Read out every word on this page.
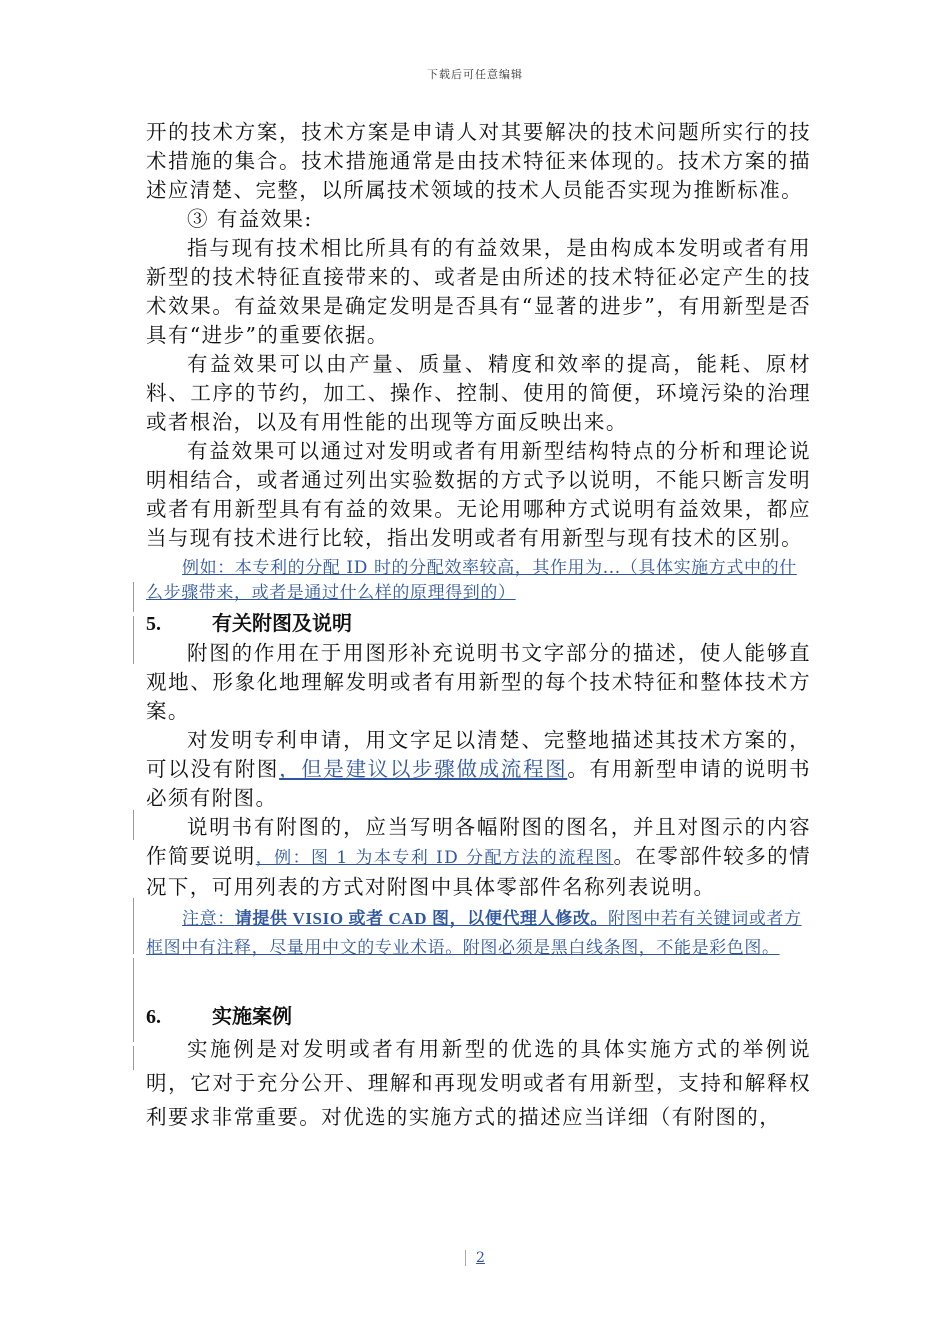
下载后可任意编辑

开的技术方案，技术方案是申请人对其要解决的技术问题所实行的技术措施的集合。技术措施通常是由技术特征来体现的。技术方案的描述应清楚、完整，以所属技术领域的技术人员能否实现为推断标准。

③ 有益效果:

指与现有技术相比所具有的有益效果，是由构成本发明或者有用新型的技术特征直接带来的、或者是由所述的技术特征必定产生的技术效果。有益效果是确定发明是否具有“显著的进步”，有用新型是否具有“进步”的重要依据。

有益效果可以由产量、质量、精度和效率的提高，能耗、原材料、工序的节约，加工、操作、控制、使用的简便，环境污染的治理或者根治，以及有用性能的出现等方面反映出来。

有益效果可以通过对发明或者有用新型结构特点的分析和理论说明相结合，或者通过列出实验数据的方式予以说明，不能只断言发明或者有用新型具有有益的效果。无论用哪种方式说明有益效果，都应当与现有技术进行比较，指出发明或者有用新型与现有技术的区别。

例如：本专利的分配 ID 时的分配效率较高，其作用为...（具体实施方式中的什么步骤带来，或者是通过什么样的原理得到的）

5.	有关附图及说明

附图的作用在于用图形补充说明书文字部分的描述，使人能够直观地、形象化地理解发明或者有用新型的每个技术特征和整体技术方案。

对发明专利申请，用文字足以清楚、完整地描述其技术方案的，可以没有附图，但是建议以步骤做成流程图。有用新型申请的说明书必须有附图。

说明书有附图的，应当写明各幅附图的图名，并且对图示的内容作简要说明，例：图 1 为本专利 ID 分配方法的流程图。在零部件较多的情况下，可用列表的方式对附图中具体零部件名称列表说明。

注意：请提供 VISIO 或者 CAD 图，以便代理人修改。附图中若有关键词或者方框图中有注释，尽量用中文的专业术语。附图必须是黑白线条图，不能是彩色图。

6.	实施案例

实施例是对发明或者有用新型的优选的具体实施方式的举例说明，它对于充分公开、理解和再现发明或者有用新型，支持和解释权利要求非常重要。对优选的实施方式的描述应当详细（有附图的，

2
